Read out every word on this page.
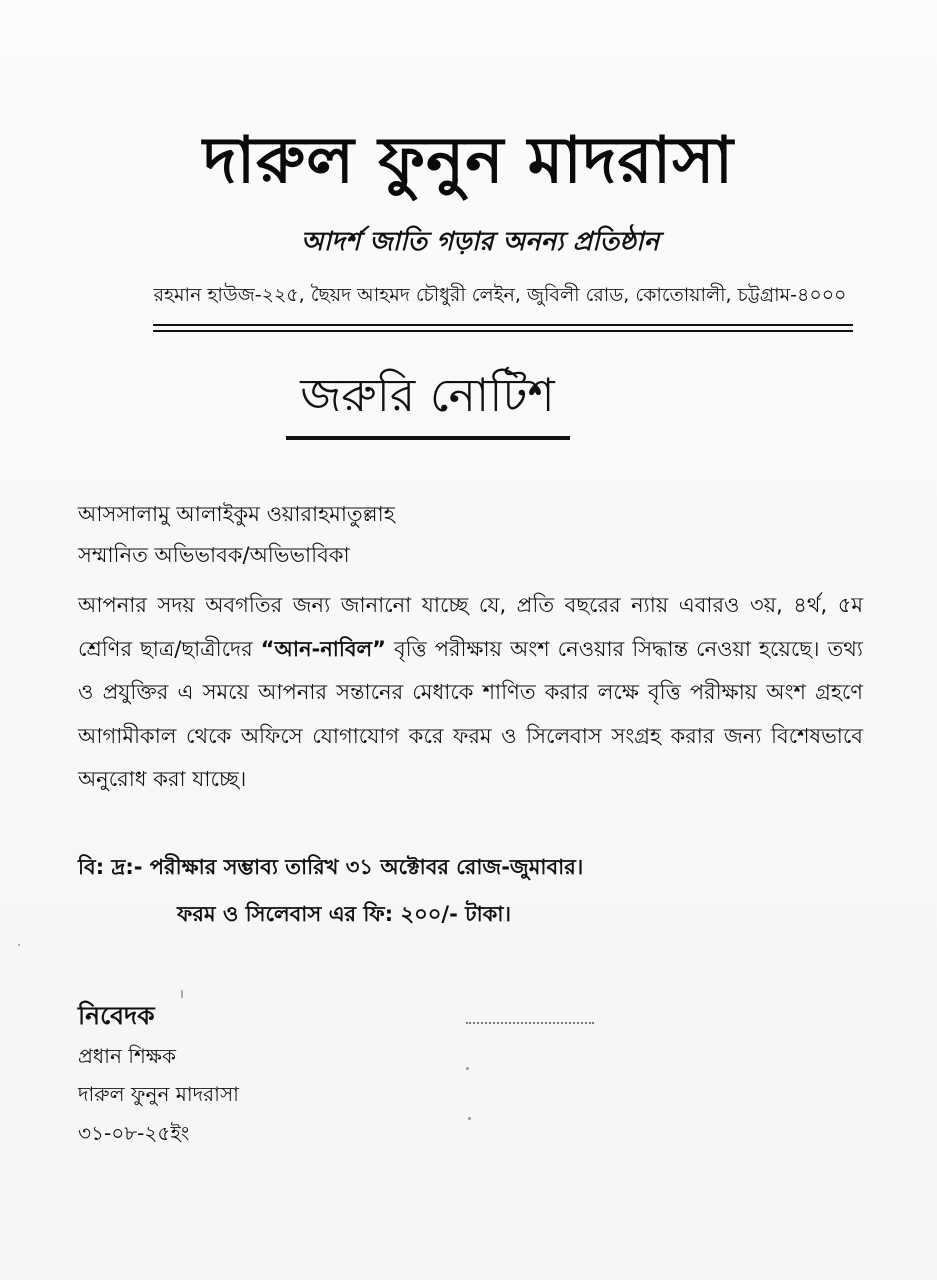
দারুল ফুনুন মাদরাসা
আদর্শ জাতি গড়ার অনন্য প্রতিষ্ঠান
রহমান হাউজ-২২৫, ছৈয়দ আহমদ চৌধুরী লেইন, জুবিলী রোড, কোতোয়ালী, চট্টগ্রাম-৪০০০
জরুরি নোটিশ
আসসালামু আলাইকুম ওয়ারাহমাতুল্লাহ
সম্মানিত অভিভাবক/অভিভাবিকা
আপনার সদয় অবগতির জন্য জানানো যাচ্ছে যে, প্রতি বছরের ন্যায় এবারও ৩য়, ৪র্থ, ৫ম শ্রেণির ছাত্র/ছাত্রীদের “আন-নাবিল” বৃত্তি পরীক্ষায় অংশ নেওয়ার সিদ্ধান্ত নেওয়া হয়েছে। তথ্য ও প্রযুক্তির এ সময়ে আপনার সন্তানের মেধাকে শাণিত করার লক্ষে বৃত্তি পরীক্ষায় অংশ গ্রহণে আগামীকাল থেকে অফিসে যোগাযোগ করে ফরম ও সিলেবাস সংগ্রহ করার জন্য বিশেষভাবে অনুরোধ করা যাচ্ছে।
বি: দ্র:- পরীক্ষার সম্ভাব্য তারিখ ৩১ অক্টোবর রোজ-জুমাবার।
ফরম ও সিলেবাস এর ফি: ২০০/- টাকা।
নিবেদক
প্রধান শিক্ষক
দারুল ফুনুন মাদরাসা
৩১-০৮-২৫ইং
